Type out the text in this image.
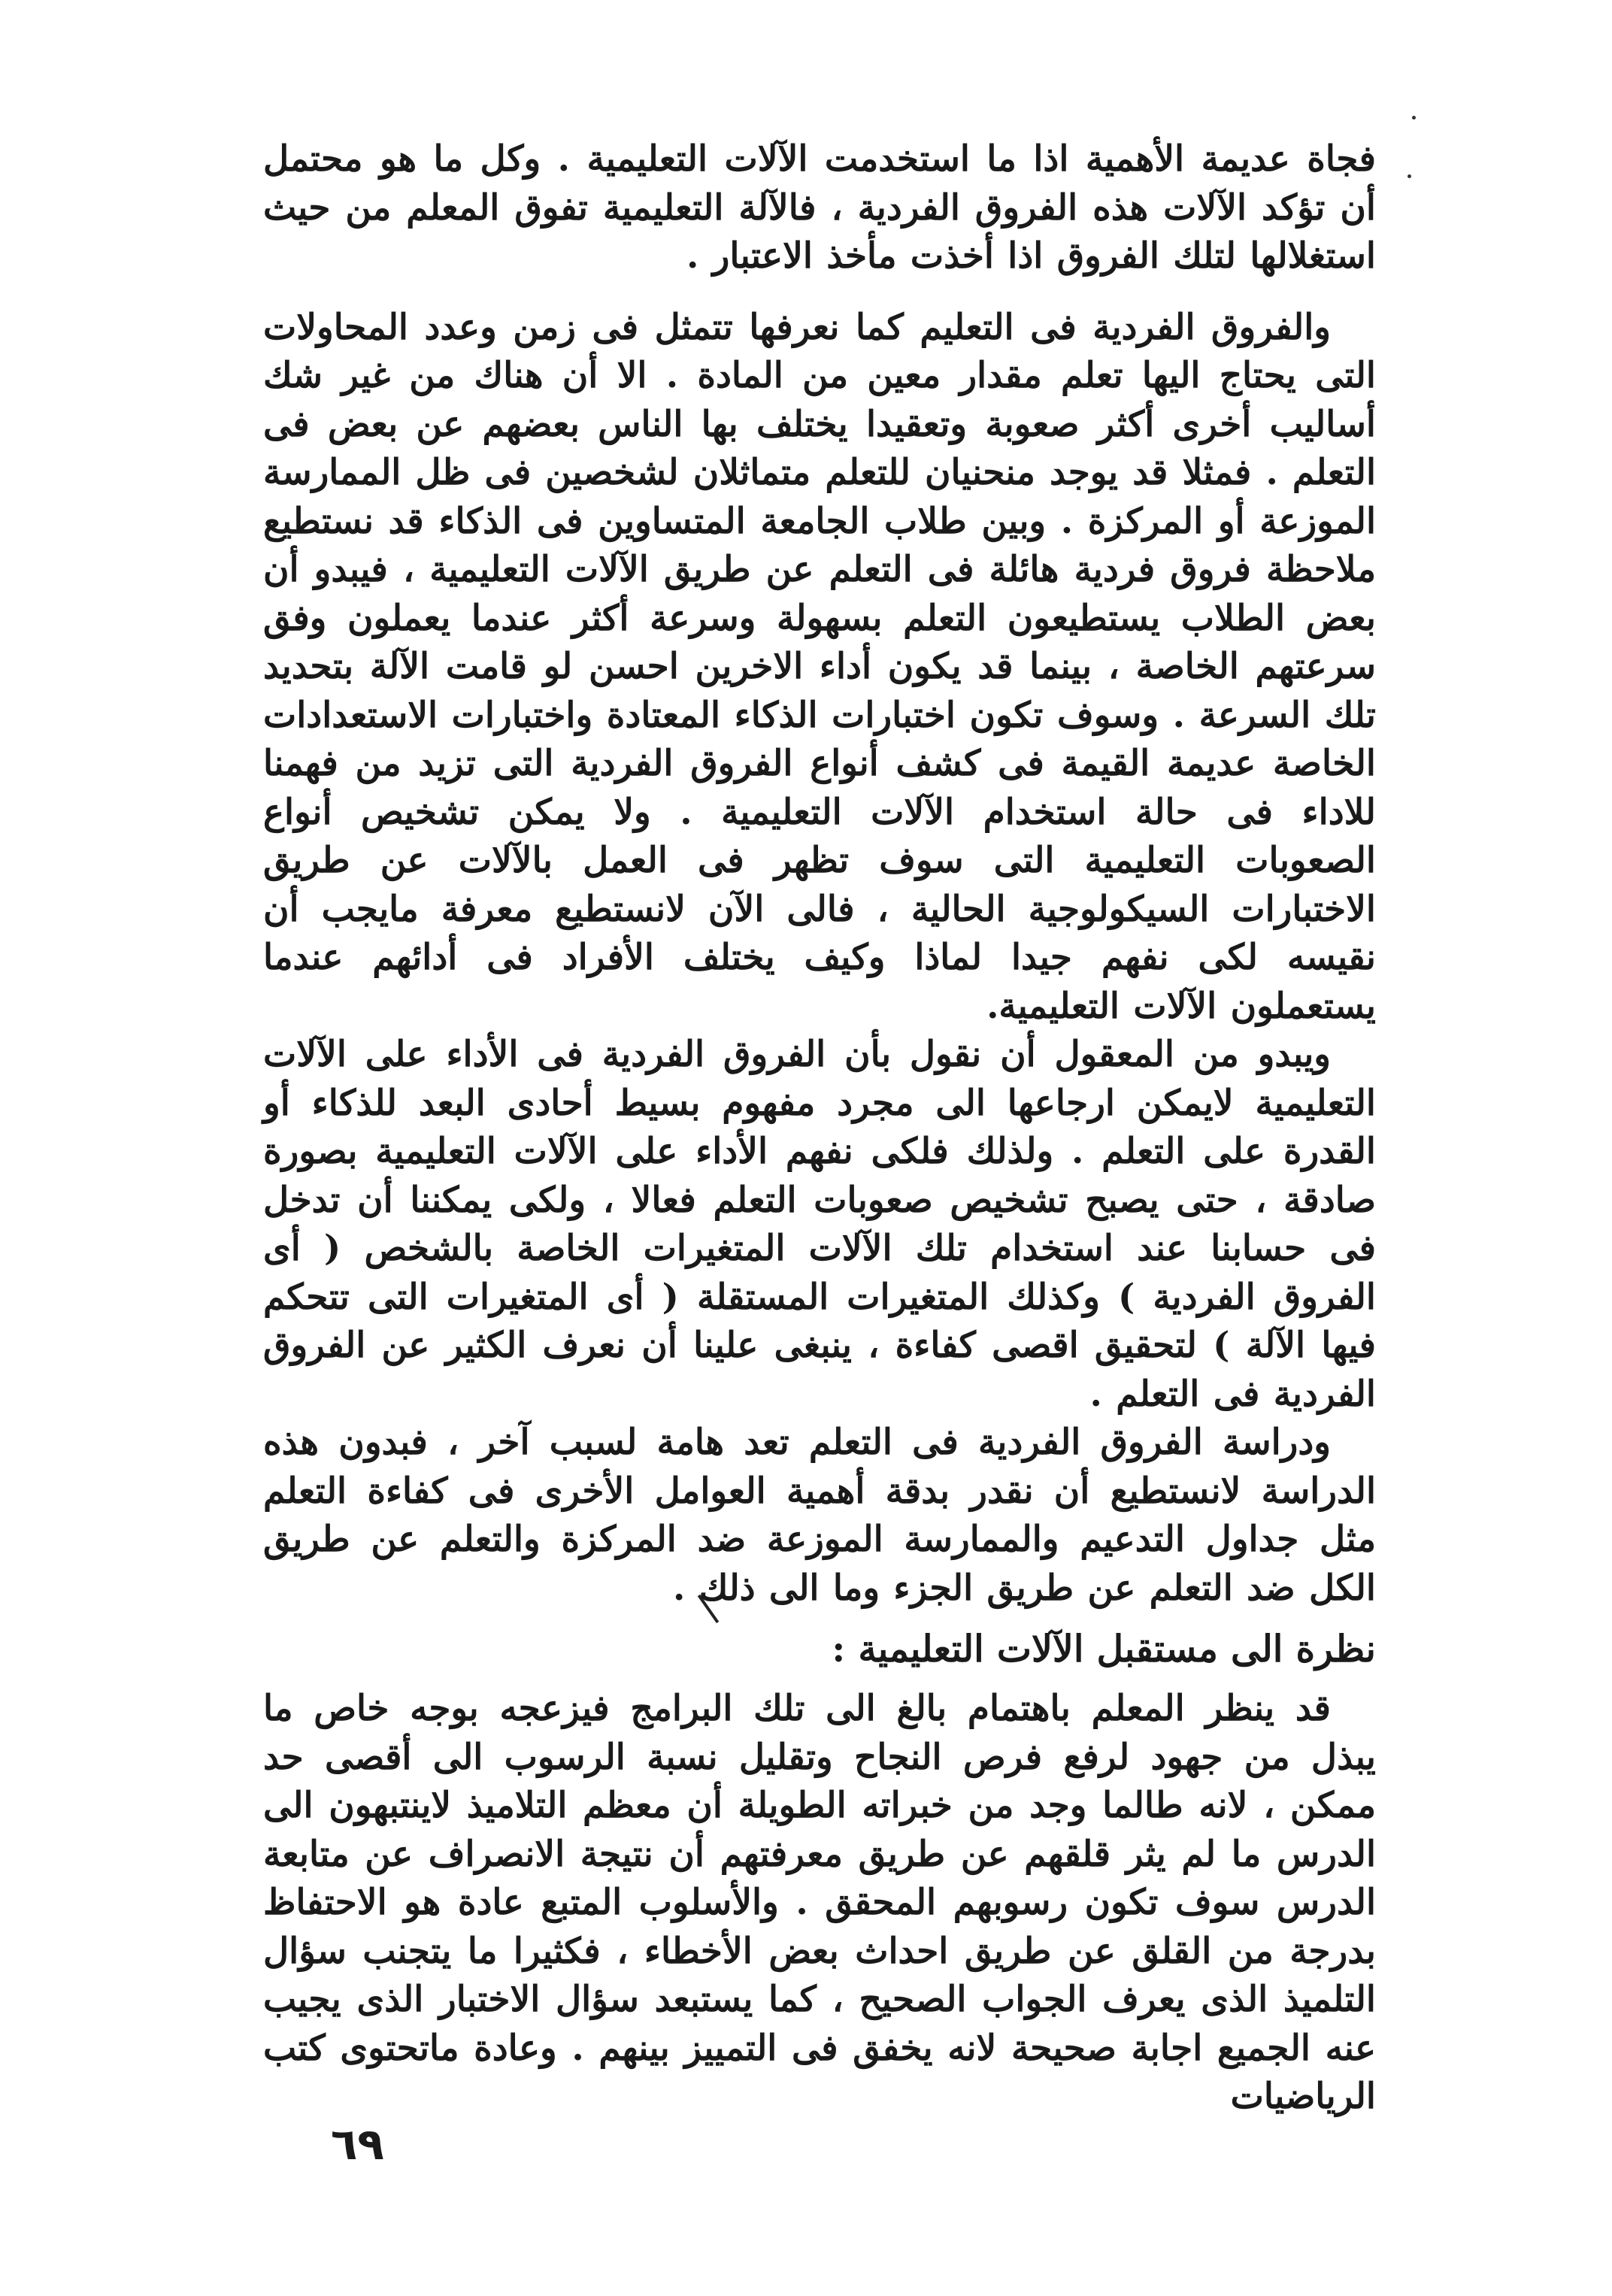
فجاة عديمة الأهمية اذا ما استخدمت الآلات التعليمية . وكل ما هو محتمل أن تؤكد الآلات هذه الفروق الفردية ، فالآلة التعليمية تفوق المعلم من حيث استغلالها لتلك الفروق اذا أخذت مأخذ الاعتبار .

والفروق الفردية فى التعليم كما نعرفها تتمثل فى زمن وعدد المحاولات التى يحتاج اليها تعلم مقدار معين من المادة . الا أن هناك من غير شك أساليب أخرى أكثر صعوبة وتعقيدا يختلف بها الناس بعضهم عن بعض فى التعلم . فمثلا قد يوجد منحنيان للتعلم متماثلان لشخصين فى ظل الممارسة الموزعة أو المركزة . وبين طلاب الجامعة المتساوين فى الذكاء قد نستطيع ملاحظة فروق فردية هائلة فى التعلم عن طريق الآلات التعليمية ، فيبدو أن بعض الطلاب يستطيعون التعلم بسهولة وسرعة أكثر عندما يعملون وفق سرعتهم الخاصة ، بينما قد يكون أداء الاخرين احسن لو قامت الآلة بتحديد تلك السرعة . وسوف تكون اختبارات الذكاء المعتادة واختبارات الاستعدادات الخاصة عديمة القيمة فى كشف أنواع الفروق الفردية التى تزيد من فهمنا للاداء فى حالة استخدام الآلات التعليمية . ولا يمكن تشخيص أنواع الصعوبات التعليمية التى سوف تظهر فى العمل بالآلات عن طريق الاختبارات السيكولوجية الحالية ، فالى الآن لانستطيع معرفة مايجب أن نقيسه لكى نفهم جيدا لماذا وكيف يختلف الأفراد فى أدائهم عندما يستعملون الآلات التعليمية.

ويبدو من المعقول أن نقول بأن الفروق الفردية فى الأداء على الآلات التعليمية لايمكن ارجاعها الى مجرد مفهوم بسيط أحادى البعد للذكاء أو القدرة على التعلم . ولذلك فلكى نفهم الأداء على الآلات التعليمية بصورة صادقة ، حتى يصبح تشخيص صعوبات التعلم فعالا ، ولكى يمكننا أن تدخل فى حسابنا عند استخدام تلك الآلات المتغيرات الخاصة بالشخص ( أى الفروق الفردية ) وكذلك المتغيرات المستقلة ( أى المتغيرات التى تتحكم فيها الآلة ) لتحقيق اقصى كفاءة ، ينبغى علينا أن نعرف الكثير عن الفروق الفردية فى التعلم .

ودراسة الفروق الفردية فى التعلم تعد هامة لسبب آخر ، فبدون هذه الدراسة لانستطيع أن نقدر بدقة أهمية العوامل الأخرى فى كفاءة التعلم مثل جداول التدعيم والممارسة الموزعة ضد المركزة والتعلم عن طريق الكل ضد التعلم عن طريق الجزء وما الى ذلك .

نظرة الى مستقبل الآلات التعليمية :

قد ينظر المعلم باهتمام بالغ الى تلك البرامج فيزعجه بوجه خاص ما يبذل من جهود لرفع فرص النجاح وتقليل نسبة الرسوب الى أقصى حد ممكن ، لانه طالما وجد من خبراته الطويلة أن معظم التلاميذ لاينتبهون الى الدرس ما لم يثر قلقهم عن طريق معرفتهم أن نتيجة الانصراف عن متابعة الدرس سوف تكون رسوبهم المحقق . والأسلوب المتبع عادة هو الاحتفاظ بدرجة من القلق عن طريق احداث بعض الأخطاء ، فكثيرا ما يتجنب سؤال التلميذ الذى يعرف الجواب الصحيح ، كما يستبعد سؤال الاختبار الذى يجيب عنه الجميع اجابة صحيحة لانه يخفق فى التمييز بينهم . وعادة ماتحتوى كتب الرياضيات

٦٩
